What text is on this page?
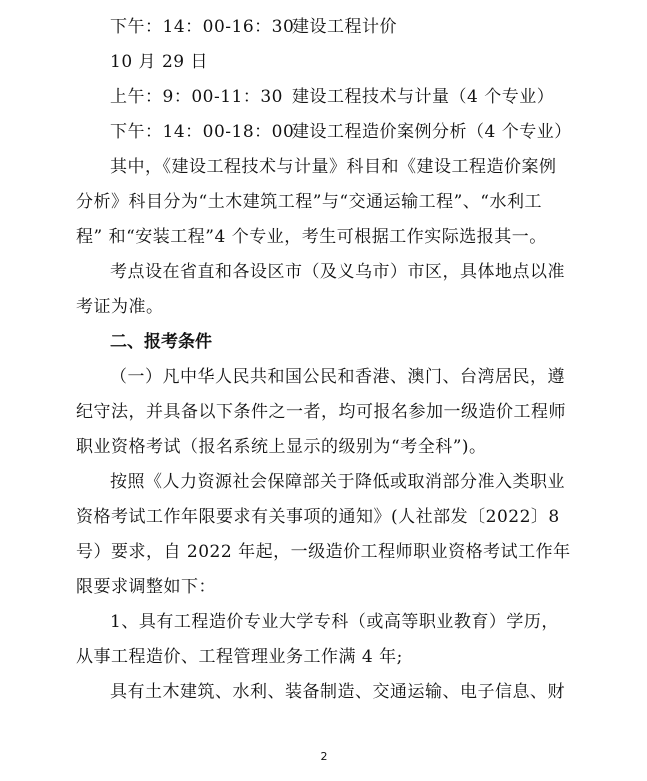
下午：14：00-16：30
建设工程计价
10 月 29 日
上午：9：00-11：30 建设工程技术与计量（4 个专业）
下午：14：00-18：00
建设工程造价案例分析（4 个专业）
其中，《建设工程技术与计量》科目和《建设工程造价案例
分析》科目分为“土木建筑工程”与“交通运输工程”、“水利工
程” 和“安装工程”4 个专业，考生可根据工作实际选报其一。
考点设在省直和各设区市（及义乌市）市区，具体地点以准
考证为准。
二、报考条件
（一）凡中华人民共和国公民和香港、澳门、台湾居民，遵
纪守法，并具备以下条件之一者，均可报名参加一级造价工程师
职业资格考试（报名系统上显示的级别为“考全科”)。
按照《人力资源社会保障部关于降低或取消部分准入类职业
资格考试工作年限要求有关事项的通知》(人社部发〔2022〕8
号）要求，自 2022 年起，一级造价工程师职业资格考试工作年
限要求调整如下：
1、具有工程造价专业大学专科（或高等职业教育）学历，
从事工程造价、工程管理业务工作满 4 年;
具有土木建筑、水利、装备制造、交通运输、电子信息、财
2
